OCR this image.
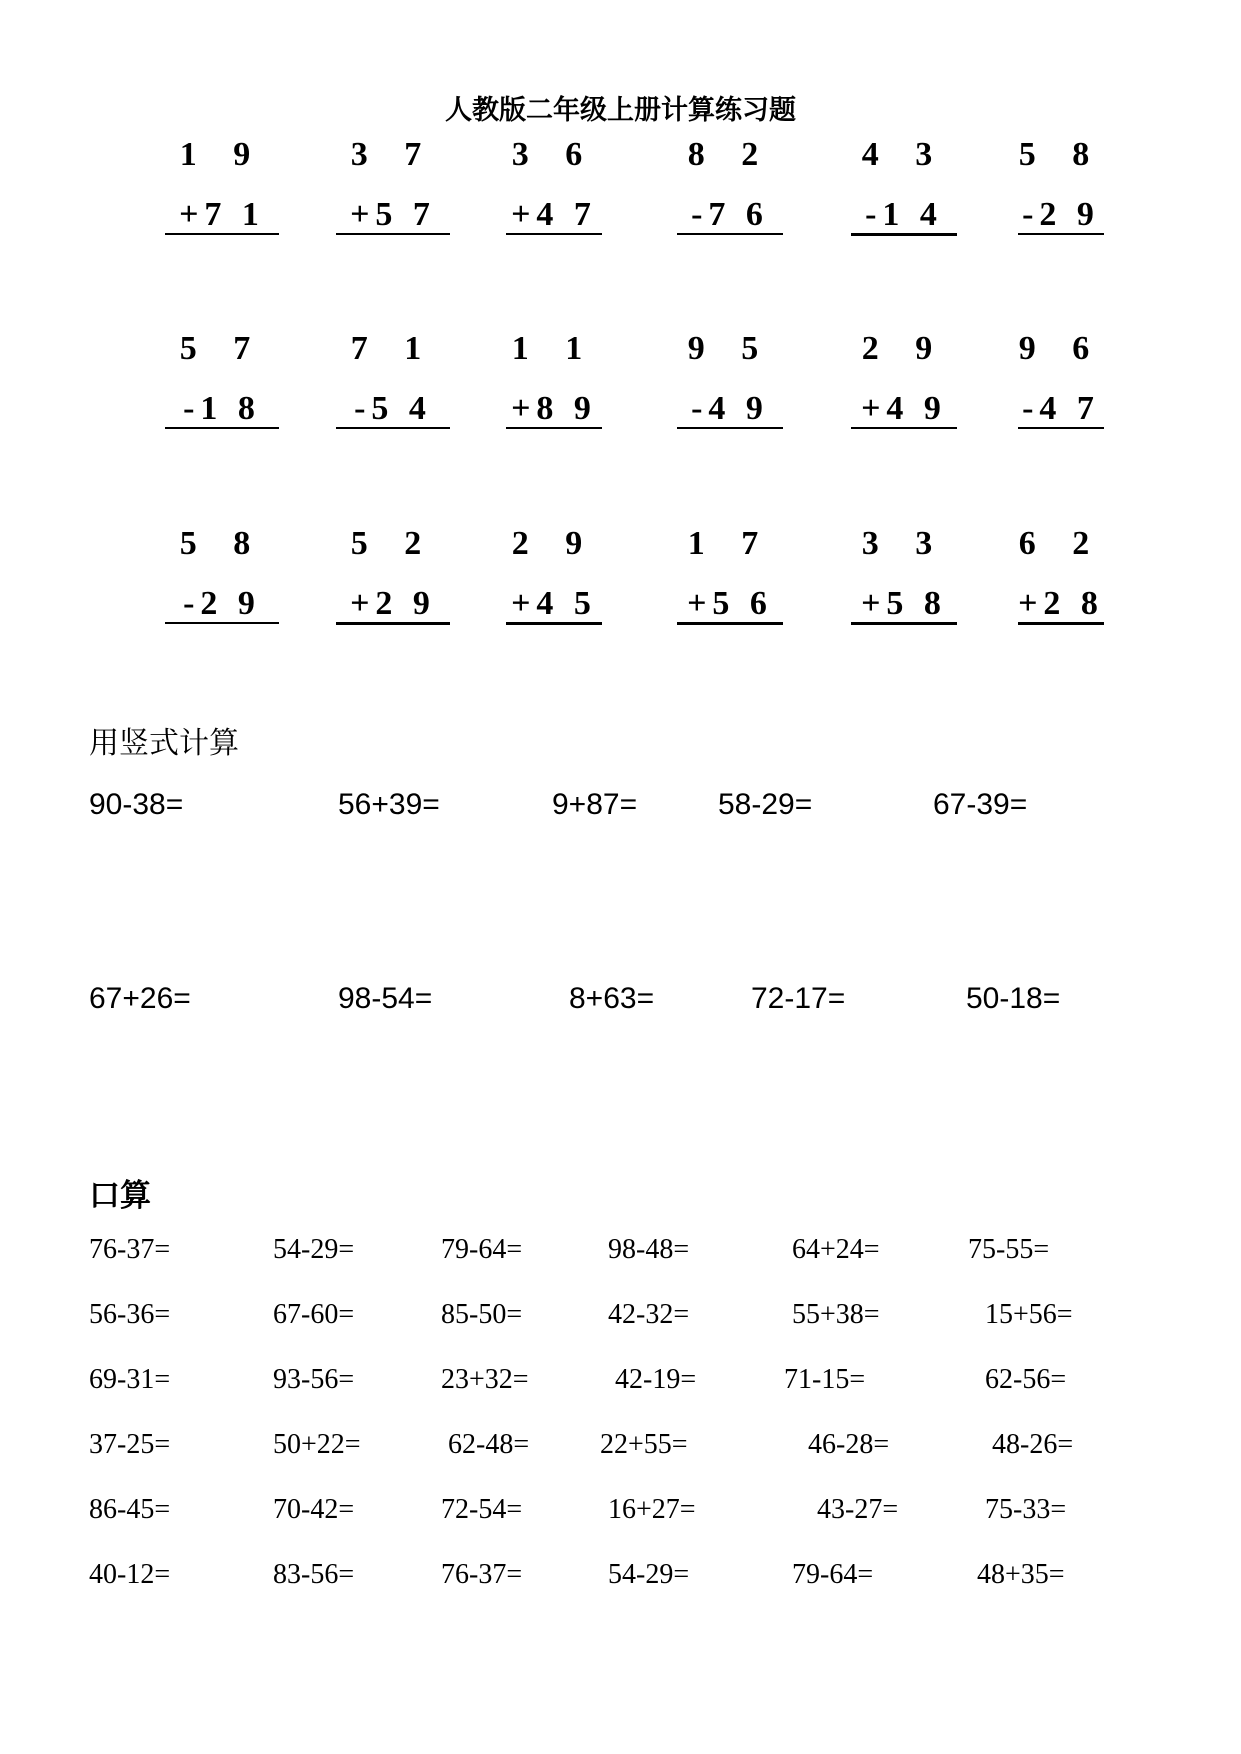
人教版二年级上册计算练习题
1 9
+7 1
3 7
+5 7
3 6
+4 7
8 2
-7 6
4 3
-1 4
5 8
-2 9
5 7
-1 8
7 1
-5 4
1 1
+8 9
9 5
-4 9
2 9
+4 9
9 6
-4 7
5 8
-2 9
5 2
+2 9
2 9
+4 5
1 7
+5 6
3 3
+5 8
6 2
+2 8
用竖式计算
90-38=	56+39=	9+87=	58-29=	67-39=
67+26=	98-54=	8+63=	72-17=	50-18=
口算
76-37=	54-29=	79-64=	98-48=	64+24=	75-55=
56-36=	67-60=	85-50=	42-32=	55+38=	15+56=
69-31=	93-56=	23+32=	42-19=	71-15=	62-56=
37-25=	50+22=	62-48=	22+55=	46-28=	48-26=
86-45=	70-42=	72-54=	16+27=	43-27=	75-33=
40-12=	83-56=	76-37=	54-29=	79-64=	48+35=
